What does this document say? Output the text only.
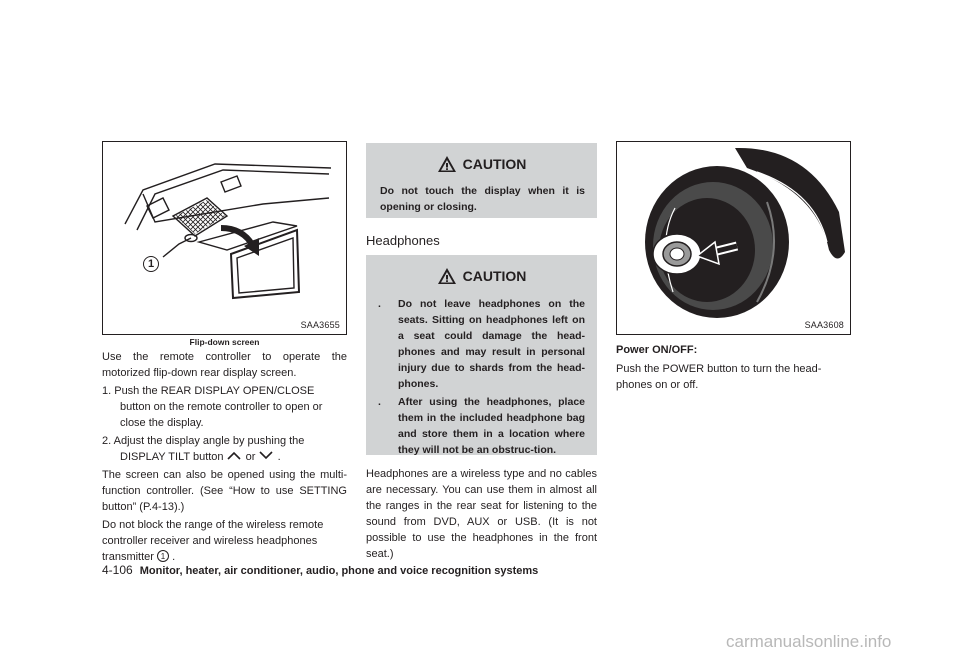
1
SAA3655
Flip-down screen

Use the remote controller to operate the motorized flip-down rear display screen.

1. Push the REAR DISPLAY OPEN/CLOSE button on the remote controller to open or close the display.

2. Adjust the display angle by pushing the DISPLAY TILT button or .

The screen can also be opened using the multi-function controller. (See “How to use SETTING button” (P.4-13).)

Do not block the range of the wireless remote controller receiver and wireless headphones transmitter 1 .

CAUTION
Do not touch the display when it is opening or closing.
Headphones
CAUTION
.	Do not leave headphones on the seats. Sitting on headphones left on a seat could damage the head-phones and may result in personal injury due to shards from the head-phones.
.	After using the headphones, place them in the included headphone bag and store them in a location where they will not be an obstruc-tion.
Headphones are a wireless type and no cables are necessary. You can use them in almost all the ranges in the rear seat for listening to the sound from DVD, AUX or USB. (It is not possible to use the headphones in the front seat.)
SAA3608

Power ON/OFF:

Push the POWER button to turn the head-phones on or off.

4-106 Monitor, heater, air conditioner, audio, phone and voice recognition systems
carmanualsonline.info
